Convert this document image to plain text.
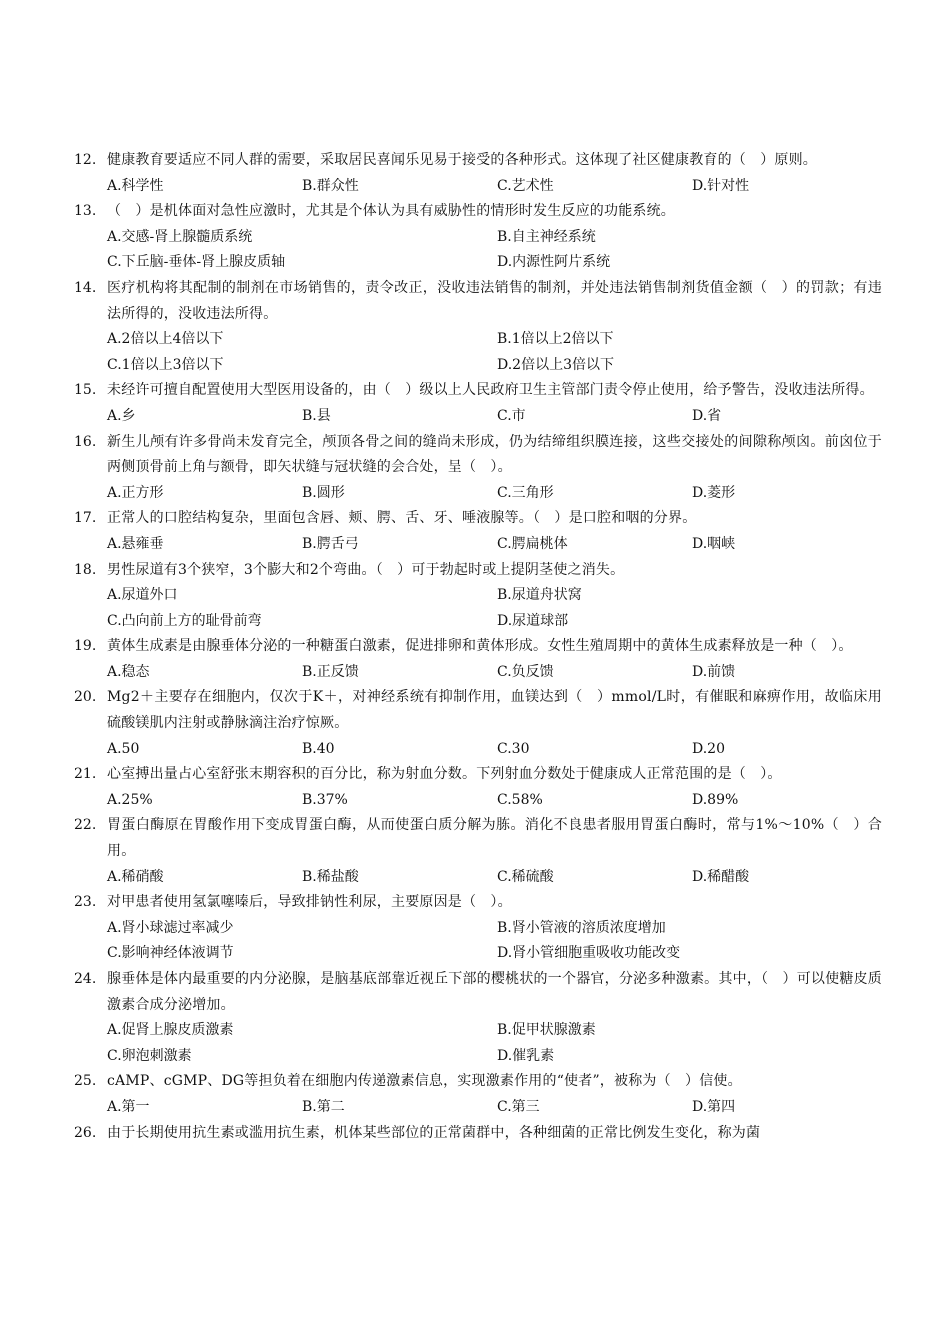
12. 健康教育要适应不同人群的需要，采取居民喜闻乐见易于接受的各种形式。这体现了社区健康教育的（　）原则。
A.科学性	B.群众性	C.艺术性	D.针对性
13. （　）是机体面对急性应激时，尤其是个体认为具有威胁性的情形时发生反应的功能系统。
A.交感-肾上腺髓质系统	B.自主神经系统
C.下丘脑-垂体-肾上腺皮质轴	D.内源性阿片系统
14. 医疗机构将其配制的制剂在市场销售的，责令改正，没收违法销售的制剂，并处违法销售制剂货值金额（　）的罚款；有违法所得的，没收违法所得。
A.2倍以上4倍以下	B.1倍以上2倍以下
C.1倍以上3倍以下	D.2倍以上3倍以下
15. 未经许可擅自配置使用大型医用设备的，由（　）级以上人民政府卫生主管部门责令停止使用，给予警告，没收违法所得。
A.乡	B.县	C.市	D.省
16. 新生儿颅有许多骨尚未发育完全，颅顶各骨之间的缝尚未形成，仍为结缔组织膜连接，这些交接处的间隙称颅囟。前囟位于两侧顶骨前上角与额骨，即矢状缝与冠状缝的会合处，呈（　）。
A.正方形	B.圆形	C.三角形	D.菱形
17. 正常人的口腔结构复杂，里面包含唇、颊、腭、舌、牙、唾液腺等。（　）是口腔和咽的分界。
A.悬雍垂	B.腭舌弓	C.腭扁桃体	D.咽峡
18. 男性尿道有3个狭窄，3个膨大和2个弯曲。（　）可于勃起时或上提阴茎使之消失。
A.尿道外口	B.尿道舟状窝
C.凸向前上方的耻骨前弯	D.尿道球部
19. 黄体生成素是由腺垂体分泌的一种糖蛋白激素，促进排卵和黄体形成。女性生殖周期中的黄体生成素释放是一种（　）。
A.稳态	B.正反馈	C.负反馈	D.前馈
20. Mg2＋主要存在细胞内，仅次于K＋，对神经系统有抑制作用，血镁达到（　）mmol/L时，有催眠和麻痹作用，故临床用硫酸镁肌内注射或静脉滴注治疗惊厥。
A.50	B.40	C.30	D.20
21. 心室搏出量占心室舒张末期容积的百分比，称为射血分数。下列射血分数处于健康成人正常范围的是（　）。
A.25%	B.37%	C.58%	D.89%
22. 胃蛋白酶原在胃酸作用下变成胃蛋白酶，从而使蛋白质分解为胨。消化不良患者服用胃蛋白酶时，常与1%～10%（　）合用。
A.稀硝酸	B.稀盐酸	C.稀硫酸	D.稀醋酸
23. 对甲患者使用氢氯噻嗪后，导致排钠性利尿，主要原因是（　）。
A.肾小球滤过率减少	B.肾小管液的溶质浓度增加
C.影响神经体液调节	D.肾小管细胞重吸收功能改变
24. 腺垂体是体内最重要的内分泌腺，是脑基底部靠近视丘下部的樱桃状的一个器官，分泌多种激素。其中，（　）可以使糖皮质激素合成分泌增加。
A.促肾上腺皮质激素	B.促甲状腺激素
C.卵泡刺激素	D.催乳素
25. cAMP、cGMP、DG等担负着在细胞内传递激素信息，实现激素作用的“使者”，被称为（　）信使。
A.第一	B.第二	C.第三	D.第四
26. 由于长期使用抗生素或滥用抗生素，机体某些部位的正常菌群中，各种细菌的正常比例发生变化，称为菌
